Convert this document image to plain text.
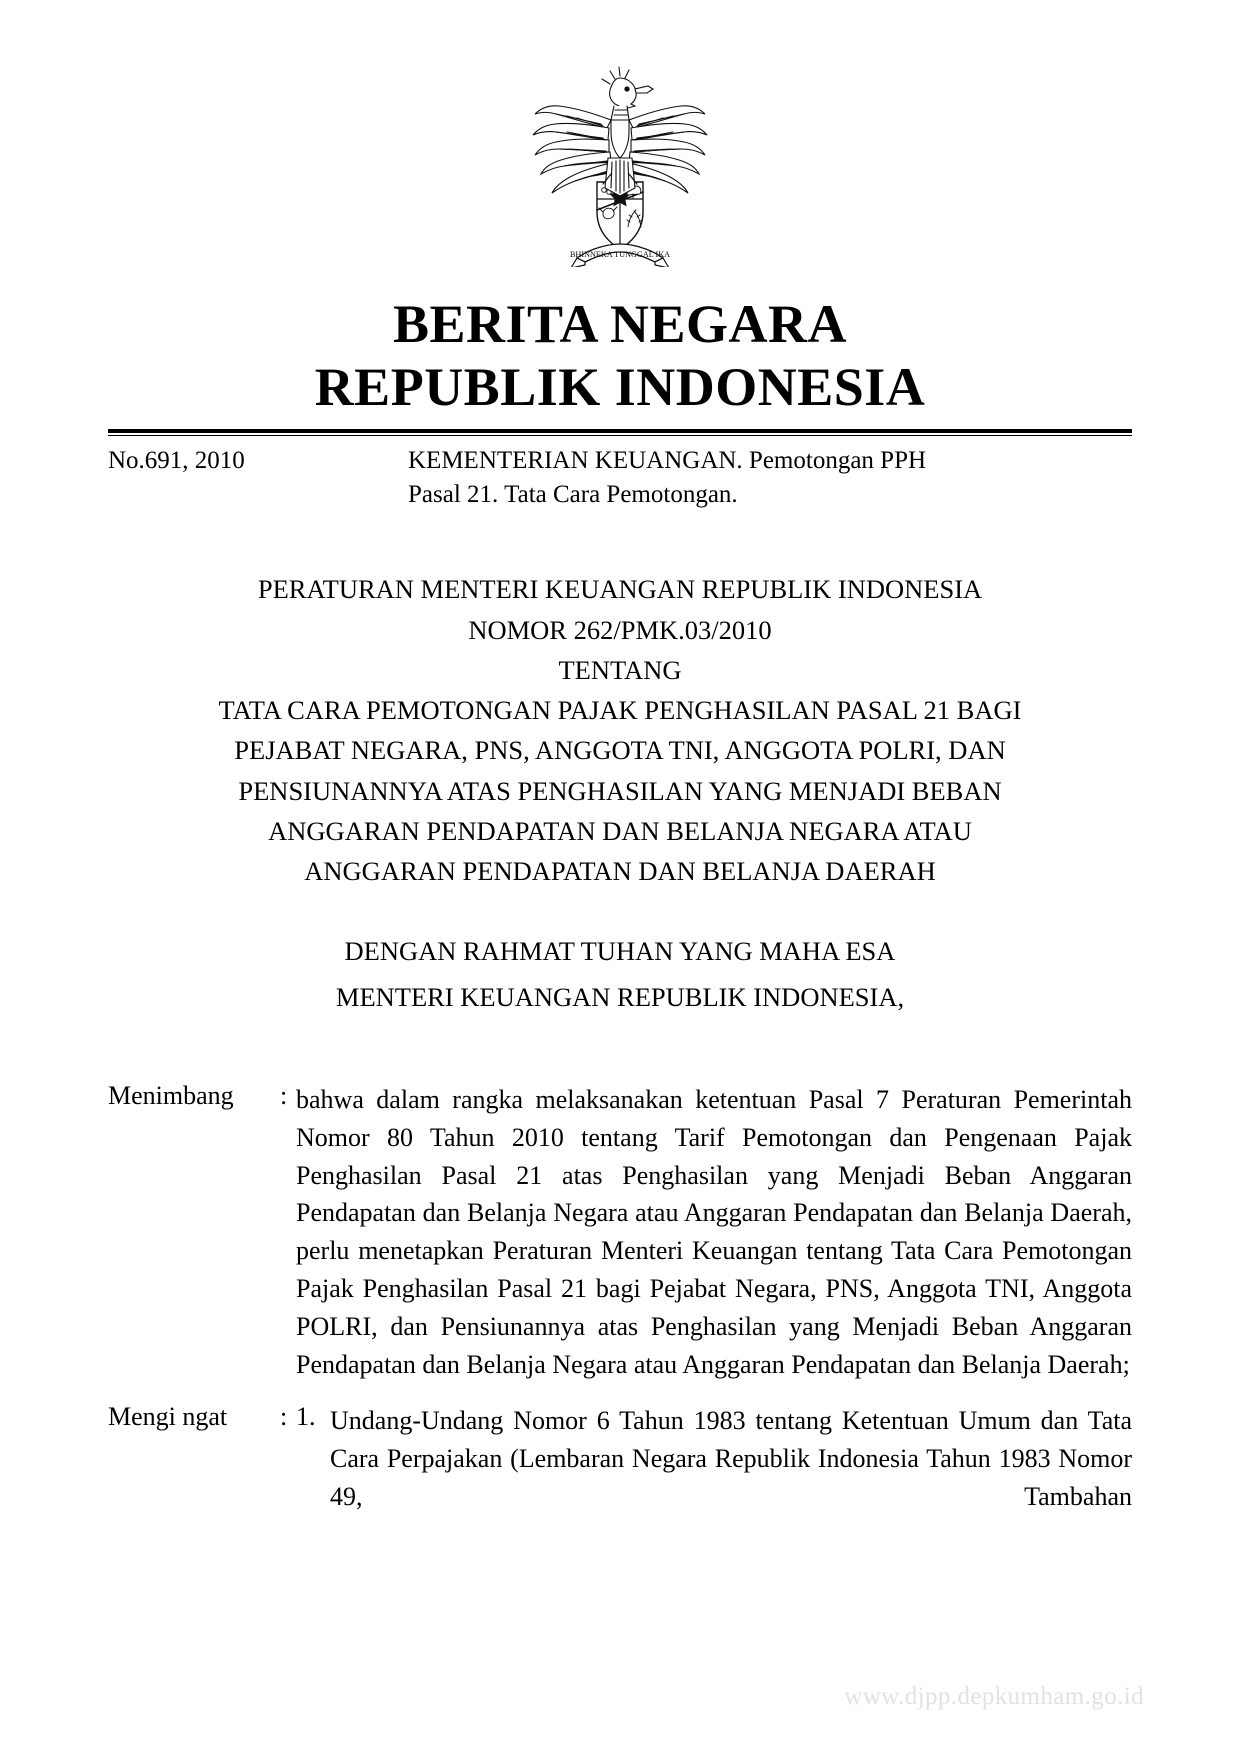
BHINNEKA TUNGGAL IKA
BERITA NEGARA
REPUBLIK INDONESIA
No.691, 2010	KEMENTERIAN KEUANGAN. Pemotongan PPH
Pasal 21. Tata Cara Pemotongan.
PERATURAN MENTERI KEUANGAN REPUBLIK INDONESIA
NOMOR 262/PMK.03/2010
TENTANG
TATA CARA PEMOTONGAN PAJAK PENGHASILAN PASAL 21 BAGI
PEJABAT NEGARA, PNS, ANGGOTA TNI, ANGGOTA POLRI, DAN
PENSIUNANNYA ATAS PENGHASILAN YANG MENJADI BEBAN
ANGGARAN PENDAPATAN DAN BELANJA NEGARA ATAU
ANGGARAN PENDAPATAN DAN BELANJA DAERAH
DENGAN RAHMAT TUHAN YANG MAHA ESA
MENTERI KEUANGAN REPUBLIK INDONESIA,
Menimbang	: bahwa dalam rangka melaksanakan ketentuan Pasal 7 Peraturan Pemerintah Nomor 80 Tahun 2010 tentang Tarif Pemotongan dan Pengenaan Pajak Penghasilan Pasal 21 atas Penghasilan yang Menjadi Beban Anggaran Pendapatan dan Belanja Negara atau Anggaran Pendapatan dan Belanja Daerah, perlu menetapkan Peraturan Menteri Keuangan tentang Tata Cara Pemotongan Pajak Penghasilan Pasal 21 bagi Pejabat Negara, PNS, Anggota TNI, Anggota POLRI, dan Pensiunannya atas Penghasilan yang Menjadi Beban Anggaran Pendapatan dan Belanja Negara atau Anggaran Pendapatan dan Belanja Daerah;
Mengi ngat	: 1. Undang-Undang Nomor 6 Tahun 1983 tentang Ketentuan Umum dan Tata Cara Perpajakan (Lembaran Negara Republik Indonesia Tahun 1983 Nomor 49, Tambahan
www.djpp.depkumham.go.id
